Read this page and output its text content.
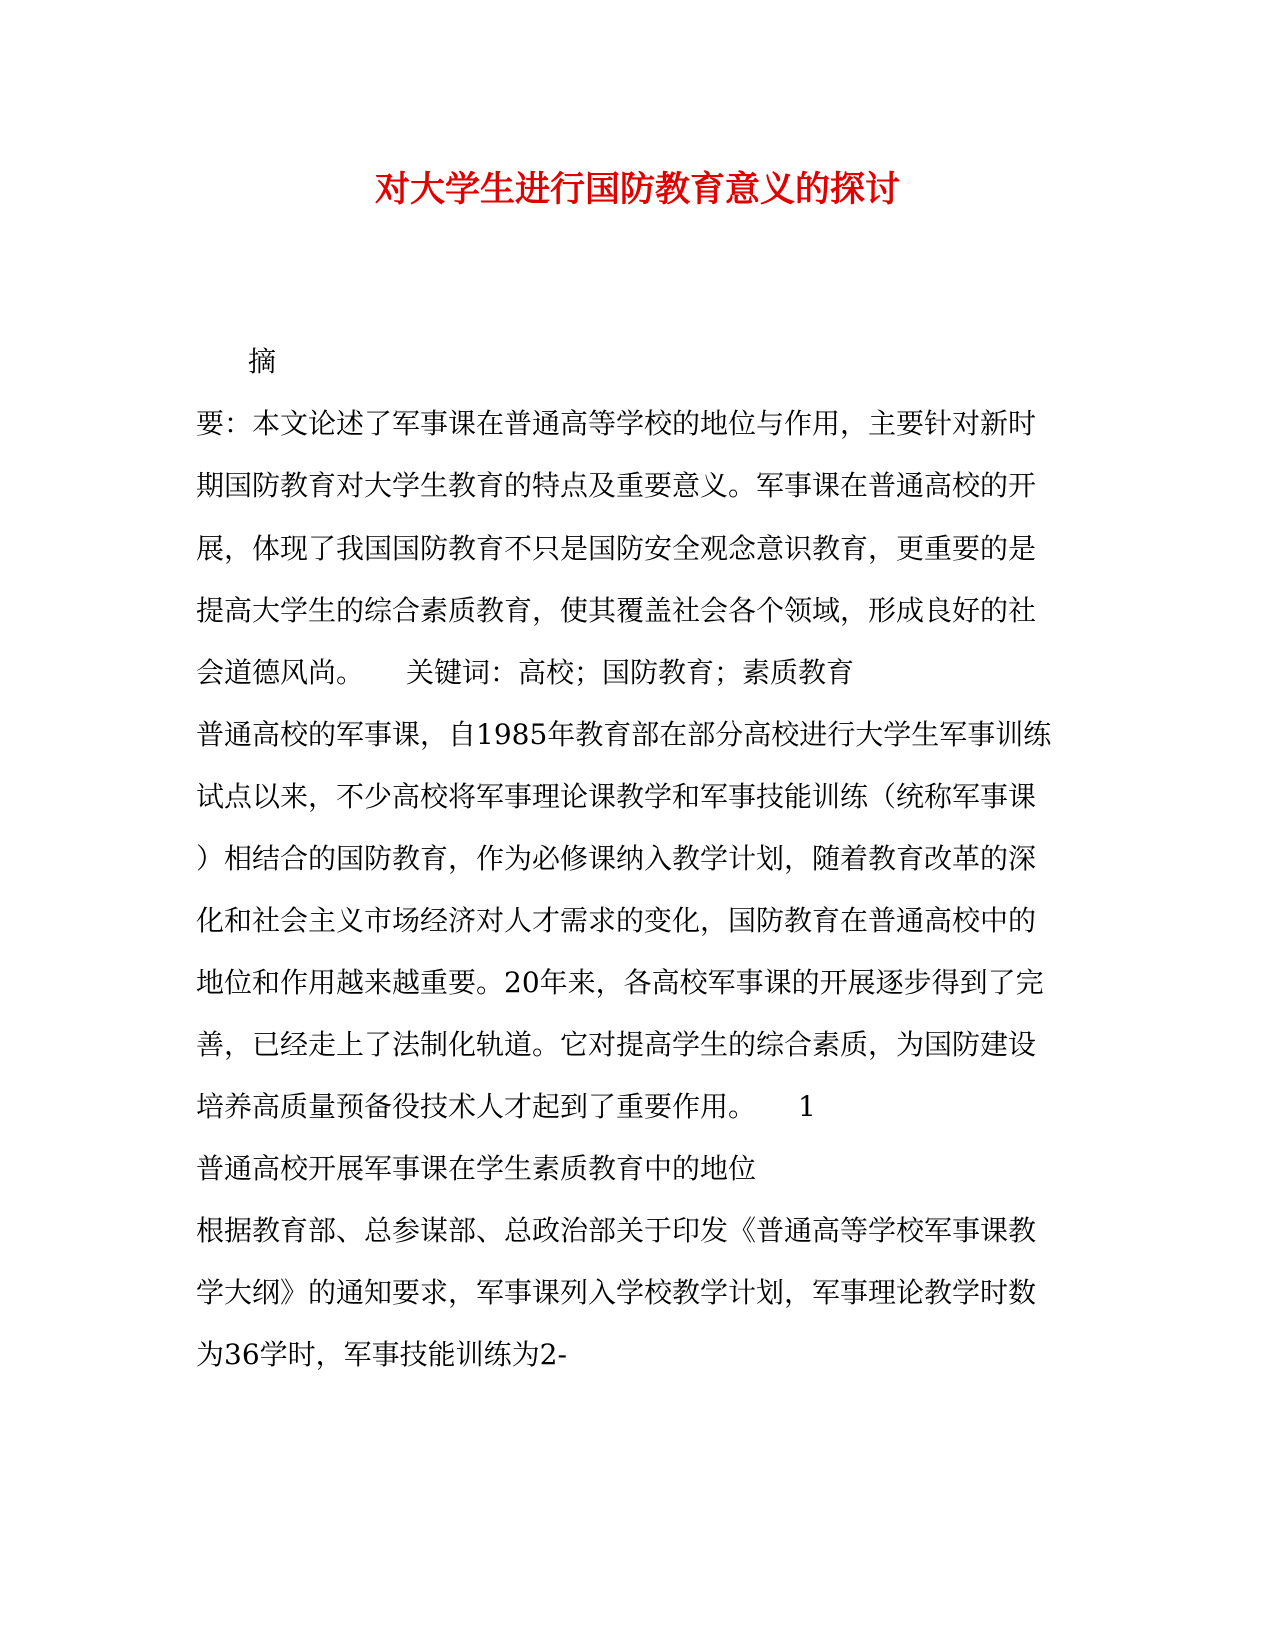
对大学生进行国防教育意义的探讨
摘
要：本文论述了军事课在普通高等学校的地位与作用，主要针对新时
期国防教育对大学生教育的特点及重要意义。军事课在普通高校的开
展，体现了我国国防教育不只是国防安全观念意识教育，更重要的是
提高大学生的综合素质教育，使其覆盖社会各个领域，形成良好的社
会道德风尚。　　关键词：高校；国防教育；素质教育
普通高校的军事课，自1985年教育部在部分高校进行大学生军事训练
试点以来，不少高校将军事理论课教学和军事技能训练（统称军事课
）相结合的国防教育，作为必修课纳入教学计划，随着教育改革的深
化和社会主义市场经济对人才需求的变化，国防教育在普通高校中的
地位和作用越来越重要。20年来，各高校军事课的开展逐步得到了完
善，已经走上了法制化轨道。它对提高学生的综合素质，为国防建设
培养高质量预备役技术人才起到了重要作用。　　1
普通高校开展军事课在学生素质教育中的地位
根据教育部、总参谋部、总政治部关于印发《普通高等学校军事课教
学大纲》的通知要求，军事课列入学校教学计划，军事理论教学时数
为36学时，军事技能训练为2-
